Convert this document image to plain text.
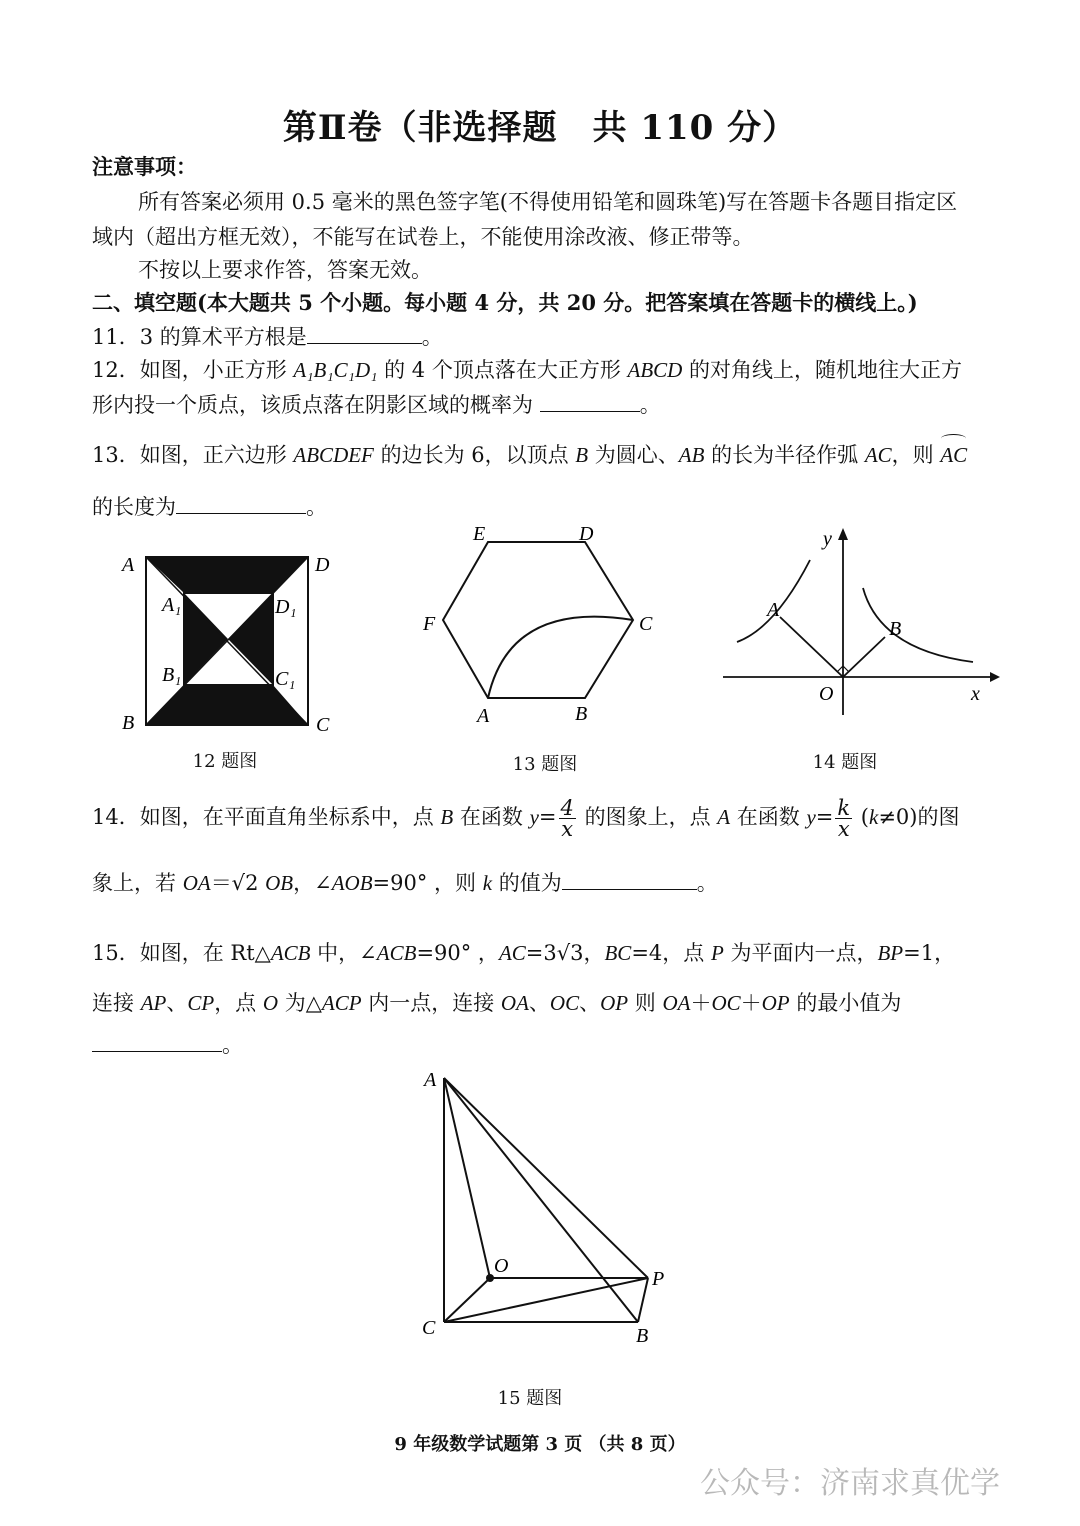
第Ⅱ卷（非选择题　共 110 分）
注意事项：
所有答案必须用 0.5 毫米的黑色签字笔(不得使用铅笔和圆珠笔)写在答题卡各题目指定区
域内（超出方框无效），不能写在试卷上，不能使用涂改液、修正带等。
不按以上要求作答，答案无效。
二、填空题(本大题共 5 个小题。每小题 4 分，共 20 分。把答案填在答题卡的横线上。)
11．3 的算术平方根是	。
12．如图，小正方形 A₁B₁C₁D₁ 的 4 个顶点落在大正方形 ABCD 的对角线上，随机地往大正方
形内投一个质点，该质点落在阴影区域的概率为	。
13．如图，正六边形 ABCDEF 的边长为 6，以顶点 B 为圆心、AB 的长为半径作弧 AC，则 AC
的长度为	。
A	D
B	C
A₁	D₁
B₁	C₁
12 题图
A	B
C
D
E
F
13 题图
y
x
O
A
B
14 题图
14．如图，在平面直角坐标系中，点 B 在函数 $y= \frac{4}{x}$ 的图象上，点 A 在函数 $y= \frac{k}{x} (k\ne 0)$的图
象上，若 OA＝√2 OB，∠AOB=90° ，则 k 的值为	。
15．如图，在 Rt△ACB 中，∠ACB=90° ，AC=3√3，BC=4，点 P 为平面内一点，BP=1，
连接 AP、CP，点 O 为△ACP 内一点，连接 OA、OC、OP 则 OA＋OC＋OP 的最小值为
。
A
C	B
P
O
15 题图
9 年级数学试题第 3 页 （共 8 页）
公众号：济南求真优学
